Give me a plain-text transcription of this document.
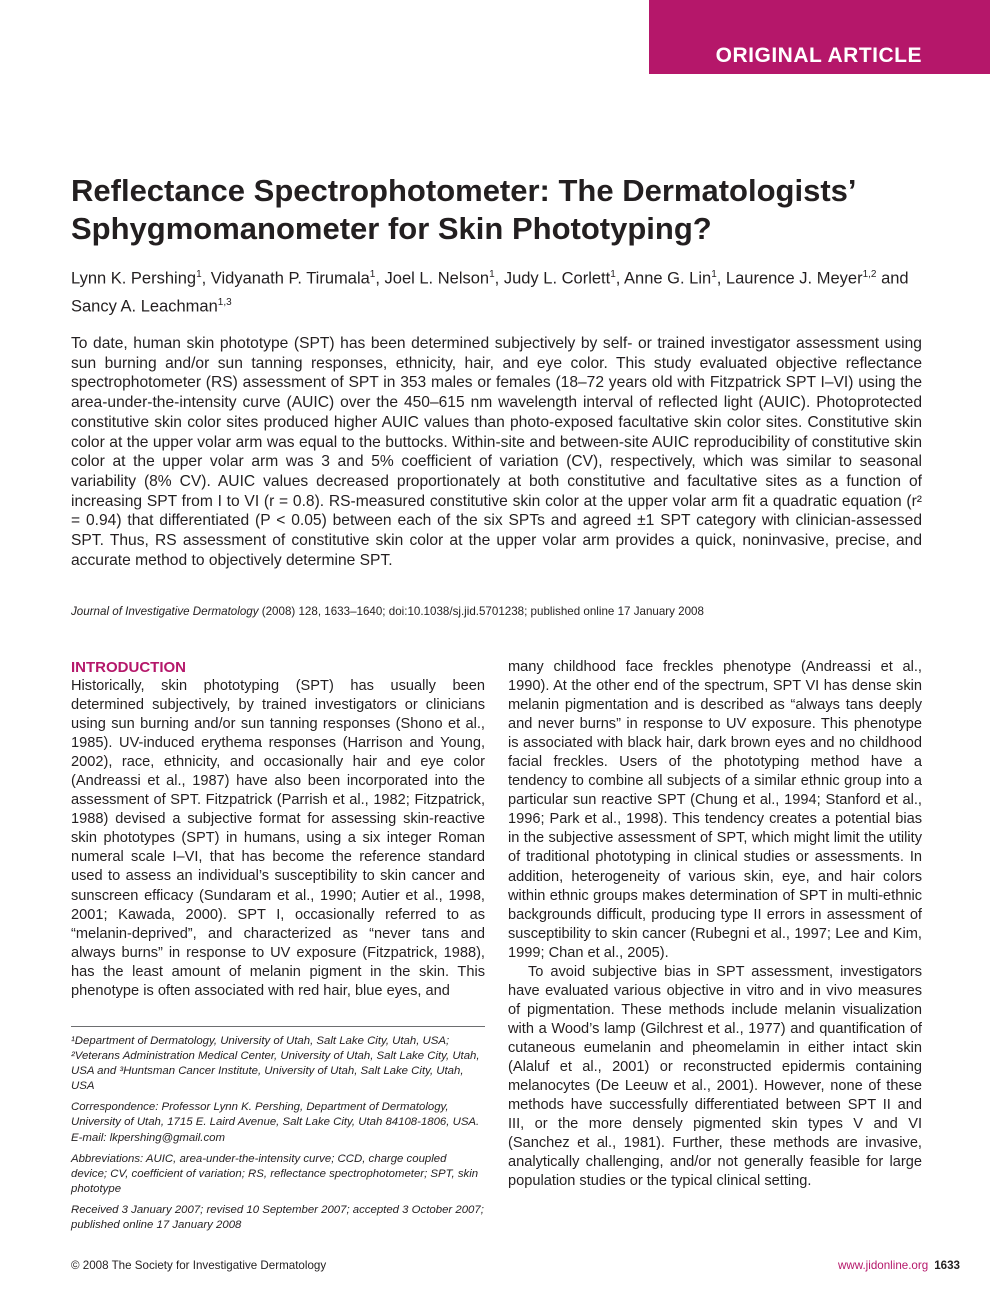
ORIGINAL ARTICLE
Reflectance Spectrophotometer: The Dermatologists’ Sphygmomanometer for Skin Phototyping?
Lynn K. Pershing$^1$, Vidyanath P. Tirumala$^1$, Joel L. Nelson$^1$, Judy L. Corlett$^1$, Anne G. Lin$^1$, Laurence J. Meyer$^{1,2}$ and Sancy A. Leachman$^{1,3}$

To date, human skin phototype (SPT) has been determined subjectively by self- or trained investigator assessment using sun burning and/or sun tanning responses, ethnicity, hair, and eye color. This study evaluated objective reflectance spectrophotometer (RS) assessment of SPT in 353 males or females (18–72 years old with Fitzpatrick SPT I–VI) using the area-under-the-intensity curve (AUIC) over the 450–615 nm wavelength interval of reflected light (AUIC). Photoprotected constitutive skin color sites produced higher AUIC values than photo-exposed facultative skin color sites. Constitutive skin color at the upper volar arm was equal to the buttocks. Within-site and between-site AUIC reproducibility of constitutive skin color at the upper volar arm was 3 and 5% coefficient of variation (CV), respectively, which was similar to seasonal variability (8% CV). AUIC values decreased proportionately at both constitutive and facultative sites as a function of increasing SPT from I to VI (r = 0.8). RS-measured constitutive skin color at the upper volar arm fit a quadratic equation (r² = 0.94) that differentiated (P < 0.05) between each of the six SPTs and agreed ±1 SPT category with clinician-assessed SPT. Thus, RS assessment of constitutive skin color at the upper volar arm provides a quick, noninvasive, precise, and accurate method to objectively determine SPT.

Journal of Investigative Dermatology (2008) 128, 1633–1640; doi:10.1038/sj.jid.5701238; published online 17 January 2008
INTRODUCTION

Historically, skin phototyping (SPT) has usually been determined subjectively, by trained investigators or clinicians using sun burning and/or sun tanning responses (Shono et al., 1985). UV-induced erythema responses (Harrison and Young, 2002), race, ethnicity, and occasionally hair and eye color (Andreassi et al., 1987) have also been incorporated into the assessment of SPT. Fitzpatrick (Parrish et al., 1982; Fitzpatrick, 1988) devised a subjective format for assessing skin-reactive skin phototypes (SPT) in humans, using a six integer Roman numeral scale I–VI, that has become the reference standard used to assess an individual’s susceptibility to skin cancer and sunscreen efficacy (Sundaram et al., 1990; Autier et al., 1998, 2001; Kawada, 2000). SPT I, occasionally referred to as “melanin-deprived”, and characterized as “never tans and always burns” in response to UV exposure (Fitzpatrick, 1988), has the least amount of melanin pigment in the skin. This phenotype is often associated with red hair, blue eyes, and

many childhood face freckles phenotype (Andreassi et al., 1990). At the other end of the spectrum, SPT VI has dense skin melanin pigmentation and is described as “always tans deeply and never burns” in response to UV exposure. This phenotype is associated with black hair, dark brown eyes and no childhood facial freckles. Users of the phototyping method have a tendency to combine all subjects of a similar ethnic group into a particular sun reactive SPT (Chung et al., 1994; Stanford et al., 1996; Park et al., 1998). This tendency creates a potential bias in the subjective assessment of SPT, which might limit the utility of traditional phototyping in clinical studies or assessments. In addition, heterogeneity of various skin, eye, and hair colors within ethnic groups makes determination of SPT in multi-ethnic backgrounds difficult, producing type II errors in assessment of susceptibility to skin cancer (Rubegni et al., 1997; Lee and Kim, 1999; Chan et al., 2005).

To avoid subjective bias in SPT assessment, investigators have evaluated various objective in vitro and in vivo measures of pigmentation. These methods include melanin visualization with a Wood’s lamp (Gilchrest et al., 1977) and quantification of cutaneous eumelanin and pheomelamin in either intact skin (Alaluf et al., 2001) or reconstructed epidermis containing melanocytes (De Leeuw et al., 2001). However, none of these methods have successfully differentiated between SPT II and III, or the more densely pigmented skin types V and VI (Sanchez et al., 1981). Further, these methods are invasive, analytically challenging, and/or not generally feasible for large population studies or the typical clinical setting.

¹Department of Dermatology, University of Utah, Salt Lake City, Utah, USA; ²Veterans Administration Medical Center, University of Utah, Salt Lake City, Utah, USA and ³Huntsman Cancer Institute, University of Utah, Salt Lake City, Utah, USA

Correspondence: Professor Lynn K. Pershing, Department of Dermatology, University of Utah, 1715 E. Laird Avenue, Salt Lake City, Utah 84108-1806, USA. E-mail: lkpershing@gmail.com

Abbreviations: AUIC, area-under-the-intensity curve; CCD, charge coupled device; CV, coefficient of variation; RS, reflectance spectrophotometer; SPT, skin phototype

Received 3 January 2007; revised 10 September 2007; accepted 3 October 2007; published online 17 January 2008

© 2008 The Society for Investigative Dermatology	www.jidonline.org 1633
